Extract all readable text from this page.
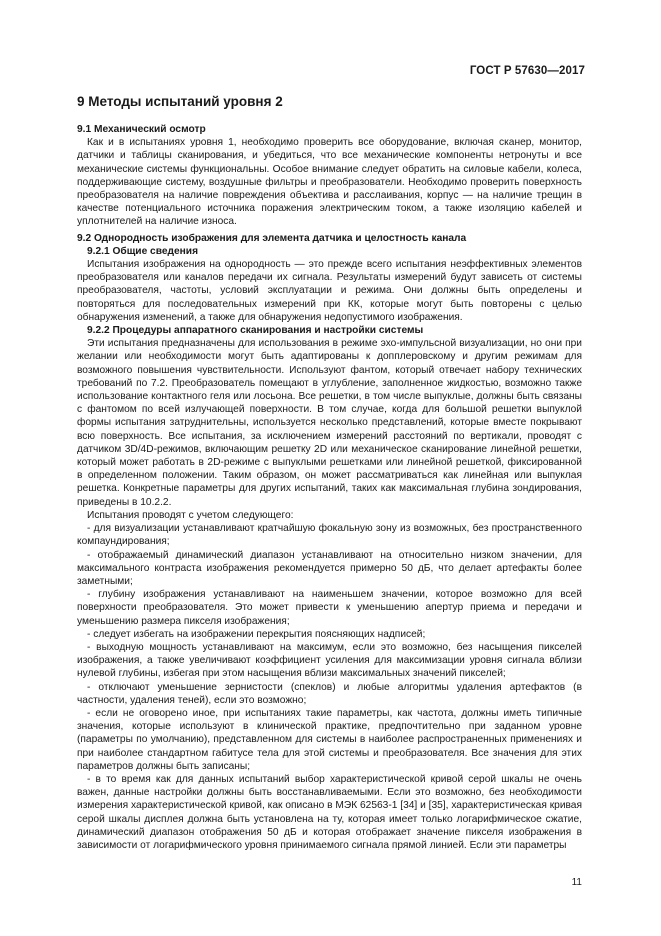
ГОСТ Р 57630—2017
9 Методы испытаний уровня 2
9.1 Механический осмотр

Как и в испытаниях уровня 1, необходимо проверить все оборудование, включая сканер, монитор, датчики и таблицы сканирования, и убедиться, что все механические компоненты нетронуты и все механические системы функциональны. Особое внимание следует обратить на силовые кабели, колеса, поддерживающие систему, воздушные фильтры и преобразователи. Необходимо проверить поверхность преобразователя на наличие повреждения объектива и расслаивания, корпус — на наличие трещин в качестве потенциального источника поражения электрическим током, а также изоляцию кабелей и уплотнителей на наличие износа.

9.2 Однородность изображения для элемента датчика и целостность канала
9.2.1 Общие сведения

Испытания изображения на однородность — это прежде всего испытания неэффективных элементов преобразователя или каналов передачи их сигнала. Результаты измерений будут зависеть от системы преобразователя, частоты, условий эксплуатации и режима. Они должны быть определены и повторяться для последовательных измерений при КК, которые могут быть повторены с целью обнаружения изменений, а также для обнаружения недопустимого изображения.

9.2.2 Процедуры аппаратного сканирования и настройки системы

Эти испытания предназначены для использования в режиме эхо-импульсной визуализации, но они при желании или необходимости могут быть адаптированы к допплеровскому и другим режимам для возможного повышения чувствительности. Используют фантом, который отвечает набору технических требований по 7.2. Преобразователь помещают в углубление, заполненное жидкостью, возможно также использование контактного геля или лосьона. Все решетки, в том числе выпуклые, должны быть связаны с фантомом по всей излучающей поверхности. В том случае, когда для большой решетки выпуклой формы испытания затруднительны, используется несколько представлений, которые вместе покрывают всю поверхность. Все испытания, за исключением измерений расстояний по вертикали, проводят с датчиком 3D/4D-режимов, включающим решетку 2D или механическое сканирование линейной решетки, который может работать в 2D-режиме с выпуклыми решетками или линейной решеткой, фиксированной в определенном положении. Таким образом, он может рассматриваться как линейная или выпуклая решетка. Конкретные параметры для других испытаний, таких как максимальная глубина зондирования, приведены в 10.2.2.

Испытания проводят с учетом следующего:

- для визуализации устанавливают кратчайшую фокальную зону из возможных, без пространственного компаундирования;

- отображаемый динамический диапазон устанавливают на относительно низком значении, для максимального контраста изображения рекомендуется примерно 50 дБ, что делает артефакты более заметными;

- глубину изображения устанавливают на наименьшем значении, которое возможно для всей поверхности преобразователя. Это может привести к уменьшению апертур приема и передачи и уменьшению размера пикселя изображения;

- следует избегать на изображении перекрытия поясняющих надписей;

- выходную мощность устанавливают на максимум, если это возможно, без насыщения пикселей изображения, а также увеличивают коэффициент усиления для максимизации уровня сигнала вблизи нулевой глубины, избегая при этом насыщения вблизи максимальных значений пикселей;

- отключают уменьшение зернистости (спеклов) и любые алгоритмы удаления артефактов (в частности, удаления теней), если это возможно;

- если не оговорено иное, при испытаниях такие параметры, как частота, должны иметь типичные значения, которые используют в клинической практике, предпочтительно при заданном уровне (параметры по умолчанию), представленном для системы в наиболее распространенных применениях и при наиболее стандартном габитусе тела для этой системы и преобразователя. Все значения для этих параметров должны быть записаны;

- в то время как для данных испытаний выбор характеристической кривой серой шкалы не очень важен, данные настройки должны быть восстанавливаемыми. Если это возможно, без необходимости измерения характеристической кривой, как описано в МЭК 62563-1 [34] и [35], характеристическая кривая серой шкалы дисплея должна быть установлена на ту, которая имеет только логарифмическое сжатие, динамический диапазон отображения 50 дБ и которая отображает значение пикселя изображения в зависимости от логарифмического уровня принимаемого сигнала прямой линией. Если эти параметры

11
